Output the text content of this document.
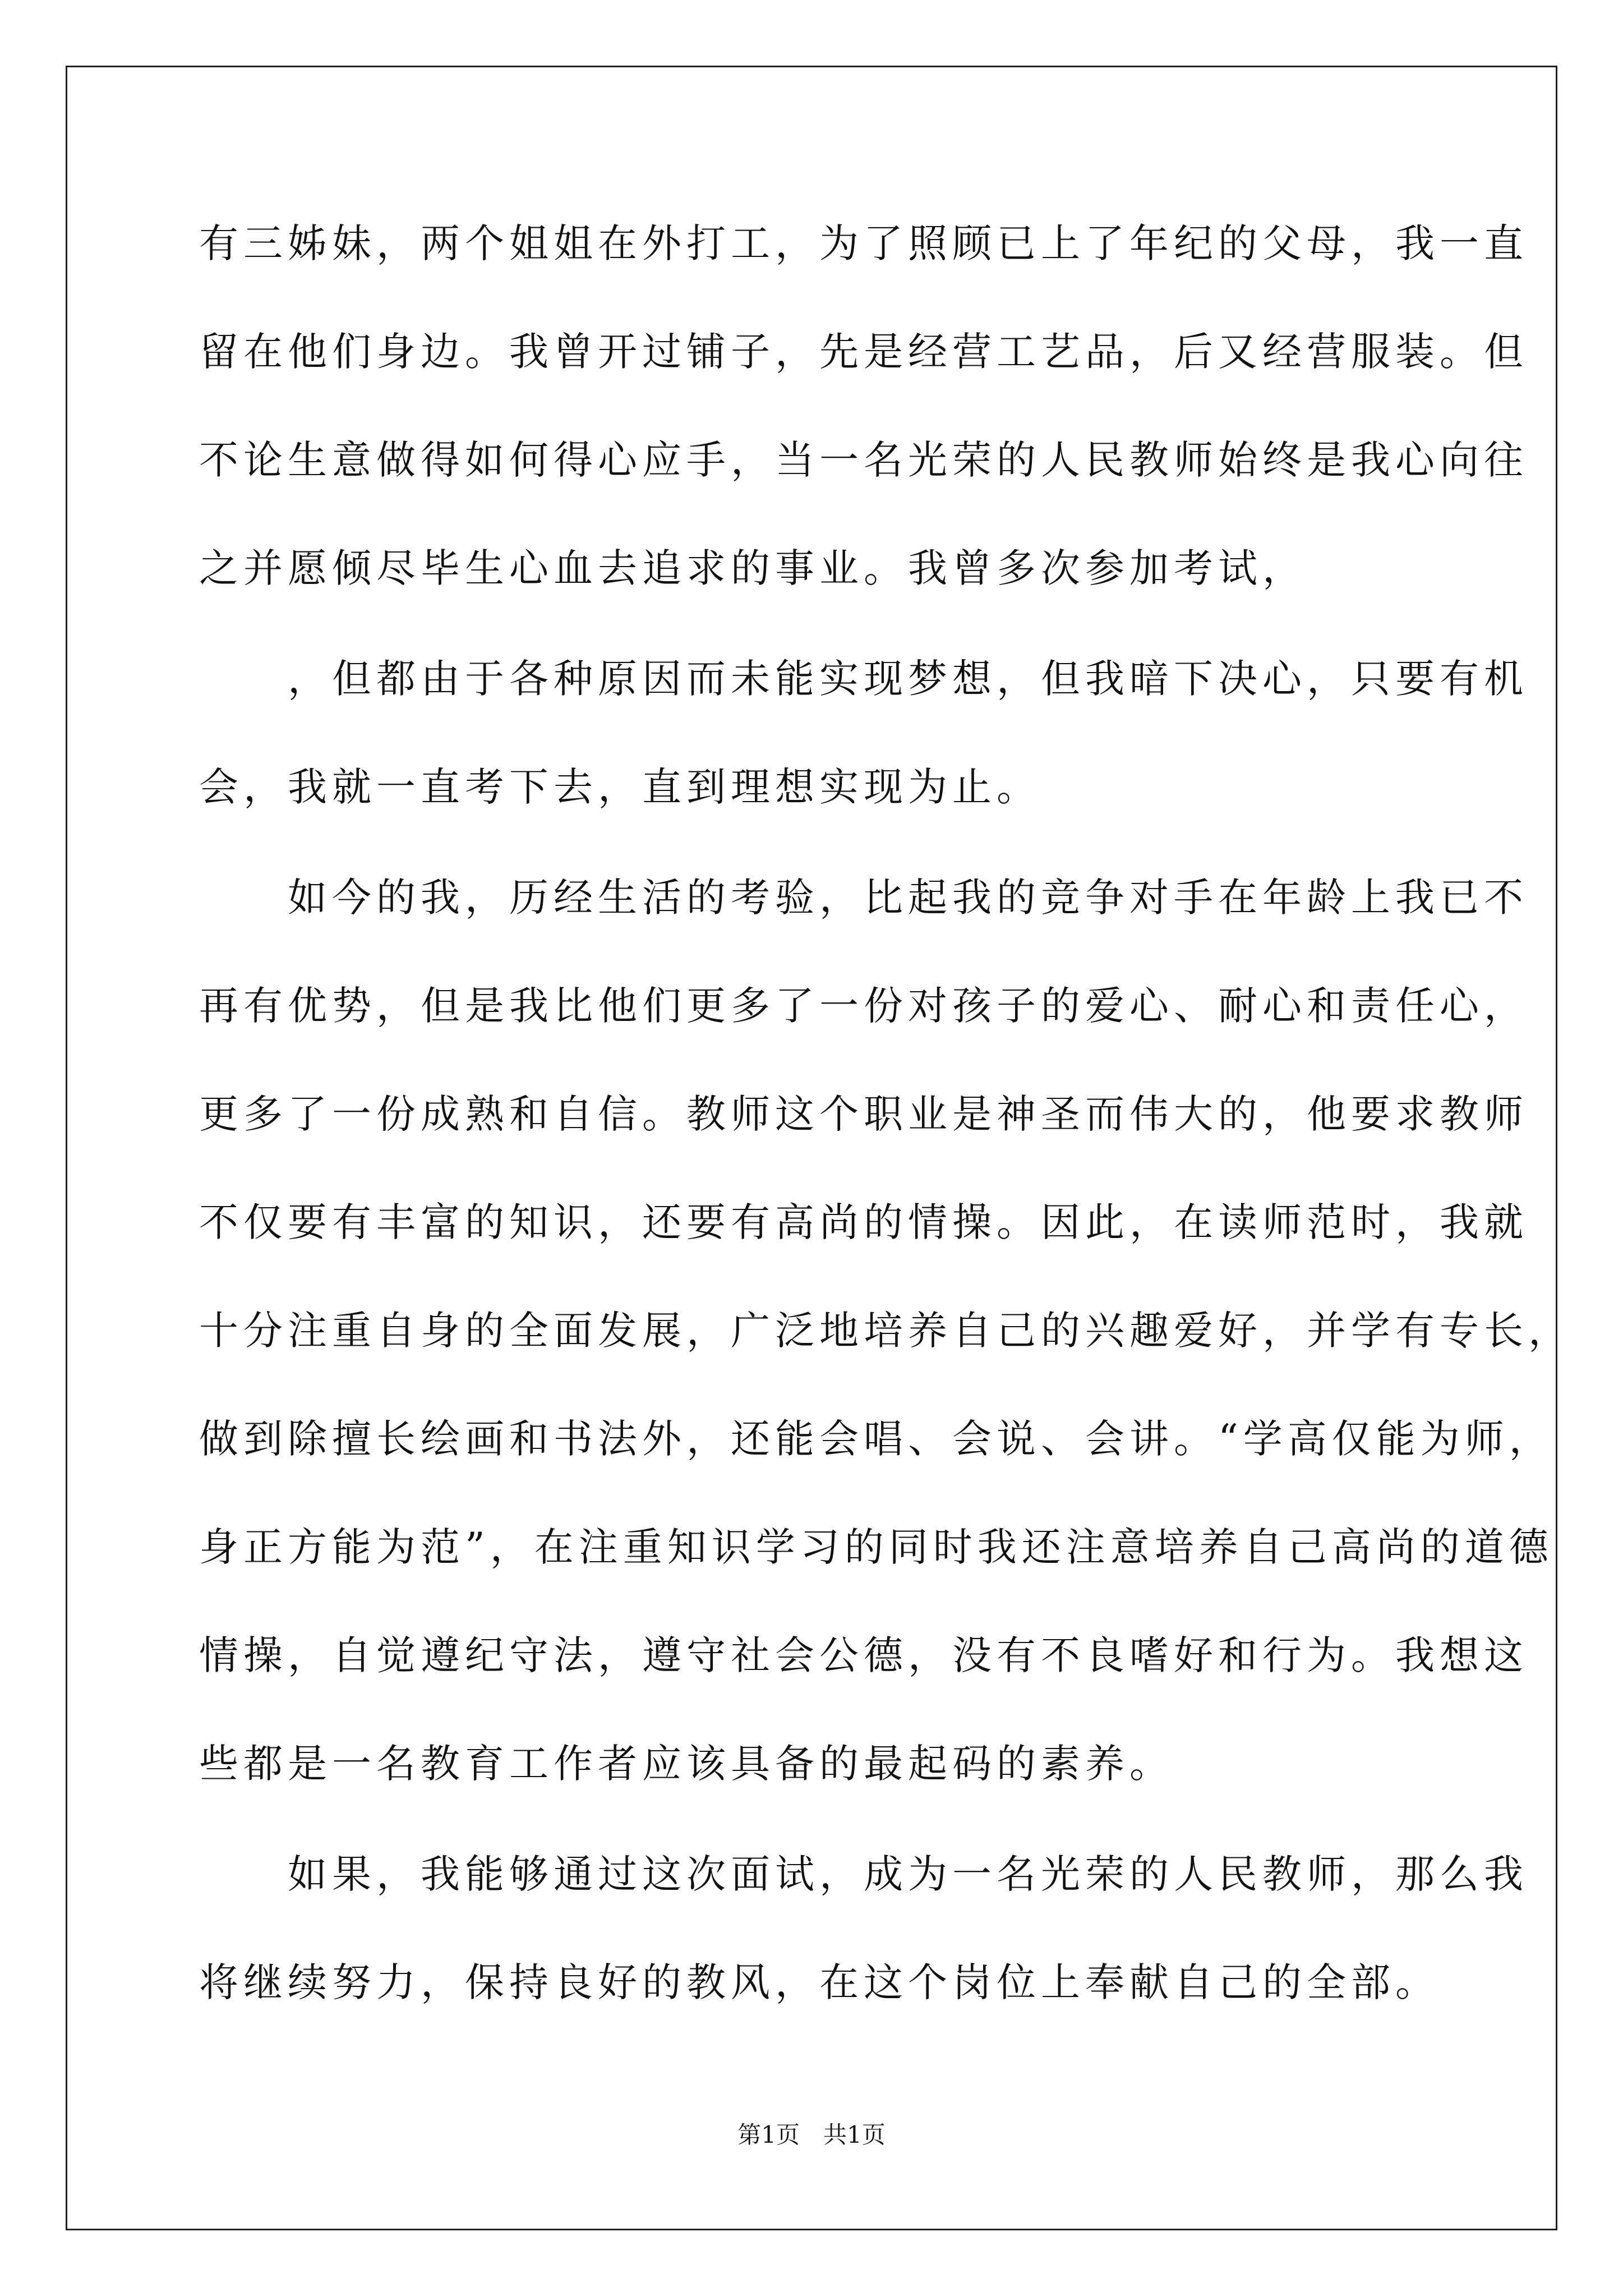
有三姊妹，两个姐姐在外打工，为了照顾已上了年纪的父母，我一直
留在他们身边。我曾开过铺子，先是经营工艺品，后又经营服装。但
不论生意做得如何得心应手，当一名光荣的人民教师始终是我心向往
之并愿倾尽毕生心血去追求的事业。我曾多次参加考试，
　　，但都由于各种原因而未能实现梦想，但我暗下决心，只要有机
会，我就一直考下去，直到理想实现为止。
　　如今的我，历经生活的考验，比起我的竞争对手在年龄上我已不
再有优势，但是我比他们更多了一份对孩子的爱心、耐心和责任心，
更多了一份成熟和自信。教师这个职业是神圣而伟大的，他要求教师
不仅要有丰富的知识，还要有高尚的情操。因此，在读师范时，我就
十分注重自身的全面发展，广泛地培养自己的兴趣爱好，并学有专长，
做到除擅长绘画和书法外，还能会唱、会说、会讲。“学高仅能为师，
身正方能为范”，在注重知识学习的同时我还注意培养自己高尚的道德
情操，自觉遵纪守法，遵守社会公德，没有不良嗜好和行为。我想这
些都是一名教育工作者应该具备的最起码的素养。
　　如果，我能够通过这次面试，成为一名光荣的人民教师，那么我
将继续努力，保持良好的教风，在这个岗位上奉献自己的全部。
第1页　共1页
